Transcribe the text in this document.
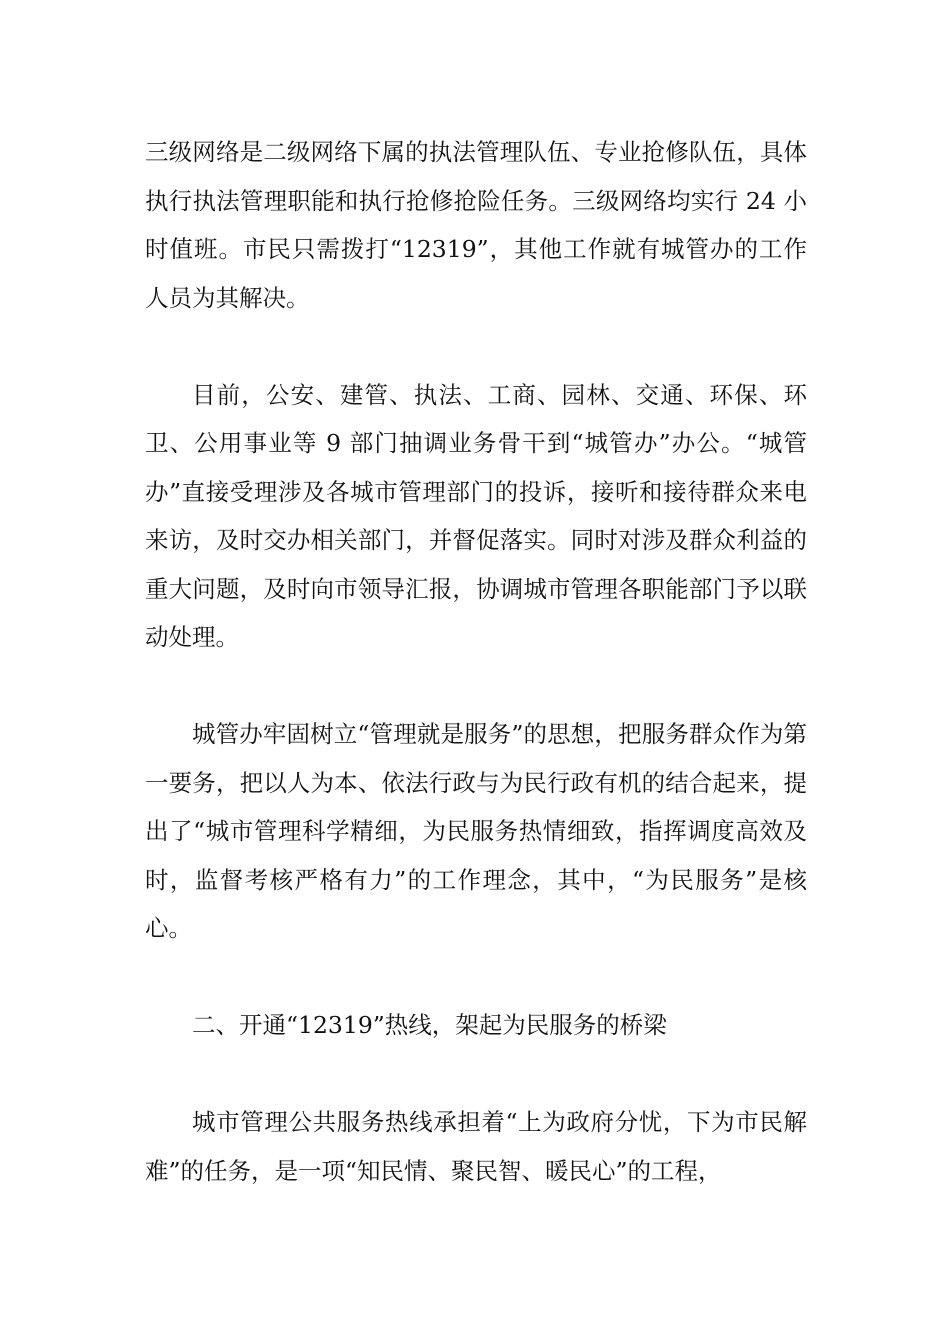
三级网络是二级网络下属的执法管理队伍、专业抢修队伍，具体执行执法管理职能和执行抢修抢险任务。三级网络均实行 24 小时值班。市民只需拨打“12319”，其他工作就有城管办的工作人员为其解决。

目前，公安、建管、执法、工商、园林、交通、环保、环卫、公用事业等 9 部门抽调业务骨干到“城管办”办公。“城管办”直接受理涉及各城市管理部门的投诉，接听和接待群众来电来访，及时交办相关部门，并督促落实。同时对涉及群众利益的重大问题，及时向市领导汇报，协调城市管理各职能部门予以联动处理。

城管办牢固树立“管理就是服务”的思想，把服务群众作为第一要务，把以人为本、依法行政与为民行政有机的结合起来，提出了“城市管理科学精细，为民服务热情细致，指挥调度高效及时，监督考核严格有力”的工作理念，其中，“为民服务”是核心。

二、开通“12319”热线，架起为民服务的桥梁

城市管理公共服务热线承担着“上为政府分忧，下为市民解难”的任务，是一项“知民情、聚民智、暖民心”的工程，
